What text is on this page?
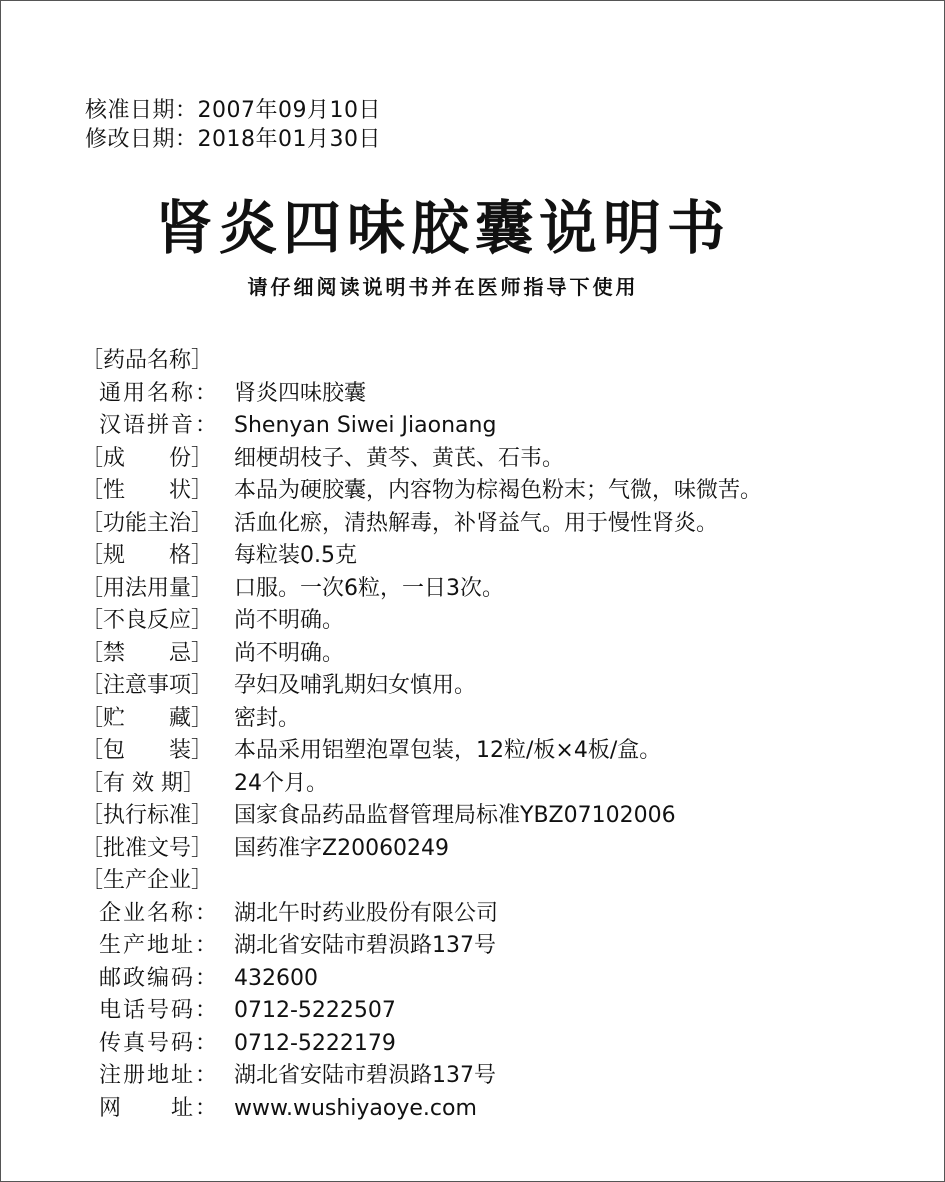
核准日期：2007年09月10日
修改日期：2018年01月30日
肾炎四味胶囊说明书
请仔细阅读说明书并在医师指导下使用
［药品名称］
通用名称： 肾炎四味胶囊
汉语拼音： Shenyan Siwei Jiaonang
［成　　份］ 细梗胡枝子、黄芩、黄芪、石韦。
［性　　状］ 本品为硬胶囊，内容物为棕褐色粉末；气微，味微苦。
［功能主治］ 活血化瘀，清热解毒，补肾益气。用于慢性肾炎。
［规　　格］ 每粒装0.5克
［用法用量］ 口服。一次6粒，一日3次。
［不良反应］ 尚不明确。
［禁　　忌］ 尚不明确。
［注意事项］ 孕妇及哺乳期妇女慎用。
［贮　　藏］ 密封。
［包　　装］ 本品采用铝塑泡罩包装，12粒/板×4板/盒。
［有 效 期］	24个月。
［执行标准］ 国家食品药品监督管理局标准YBZ07102006
［批准文号］ 国药准字Z20060249
［生产企业］
企业名称： 湖北午时药业股份有限公司
生产地址： 湖北省安陆市碧涢路137号
邮政编码： 432600
电话号码： 0712-5222507
传真号码： 0712-5222179
注册地址： 湖北省安陆市碧涢路137号
网　　址： www.wushiyaoye.com
